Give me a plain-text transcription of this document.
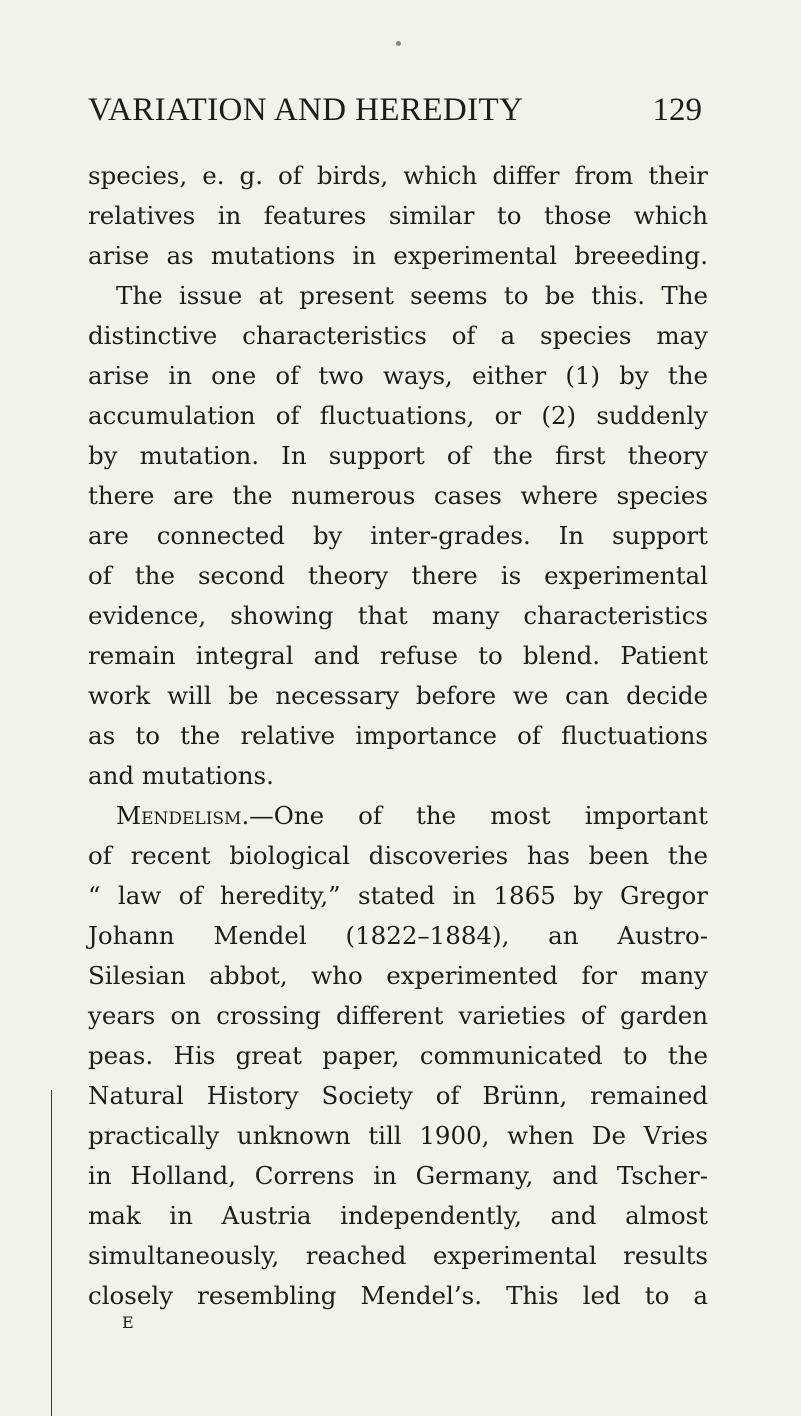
VARIATION AND HEREDITY	129
species, e. g. of birds, which differ from their
relatives in features similar to those which
arise as mutations in experimental breeeding.
The issue at present seems to be this. The
distinctive characteristics of a species may
arise in one of two ways, either (1) by the
accumulation of fluctuations, or (2) suddenly
by mutation. In support of the first theory
there are the numerous cases where species
are connected by inter-grades. In support
of the second theory there is experimental
evidence, showing that many characteristics
remain integral and refuse to blend. Patient
work will be necessary before we can decide
as to the relative importance of fluctuations
and mutations.
Mendelism.—One of the most important
of recent biological discoveries has been the
“ law of heredity,” stated in 1865 by Gregor
Johann Mendel (1822–1884), an Austro-
Silesian abbot, who experimented for many
years on crossing different varieties of garden
peas. His great paper, communicated to the
Natural History Society of Brünn, remained
practically unknown till 1900, when De Vries
in Holland, Correns in Germany, and Tscher-
mak in Austria independently, and almost
simultaneously, reached experimental results
closely resembling Mendel’s. This led to a
E
